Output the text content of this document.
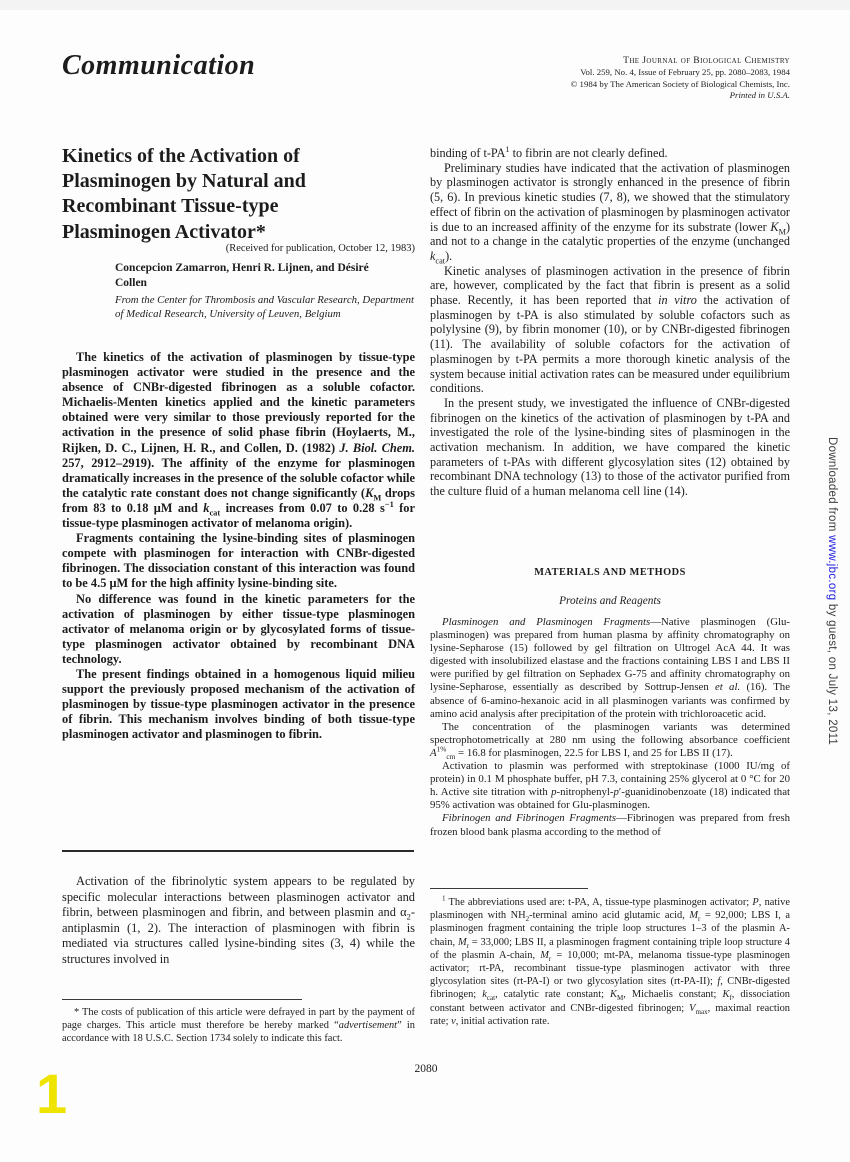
Communication	The Journal of Biological Chemistry
Vol. 259, No. 4, Issue of February 25, pp. 2080–2083, 1984
© 1984 by The American Society of Biological Chemists, Inc.
Printed in U.S.A.
Kinetics of the Activation of
Plasminogen by Natural and
Recombinant Tissue-type
Plasminogen Activator*
(Received for publication, October 12, 1983)
Concepcion Zamarron, Henri R. Lijnen, and Désiré Collen
From the Center for Thrombosis and Vascular Research, Department of Medical Research, University of Leuven, Belgium

The kinetics of the activation of plasminogen by tissue-type plasminogen activator were studied in the presence and the absence of CNBr-digested fibrinogen as a soluble cofactor. Michaelis-Menten kinetics applied and the kinetic parameters obtained were very similar to those previously reported for the activation in the presence of solid phase fibrin (Hoylaerts, M., Rijken, D. C., Lijnen, H. R., and Collen, D. (1982) J. Biol. Chem. 257, 2912–2919). The affinity of the enzyme for plasminogen dramatically increases in the presence of the soluble cofactor while the catalytic rate constant does not change significantly ($K_M$ drops from 83 to 0.18 μM and $k_{cat}$ increases from 0.07 to 0.28 $s^{-1}$ for tissue-type plasminogen activator of melanoma origin).

Fragments containing the lysine-binding sites of plasminogen compete with plasminogen for interaction with CNBr-digested fibrinogen. The dissociation constant of this interaction was found to be 4.5 μM for the high affinity lysine-binding site.

No difference was found in the kinetic parameters for the activation of plasminogen by either tissue-type plasminogen activator of melanoma origin or by glycosylated forms of tissue-type plasminogen activator obtained by recombinant DNA technology.

The present findings obtained in a homogenous liquid milieu support the previously proposed mechanism of the activation of plasminogen by tissue-type plasminogen activator in the presence of fibrin. This mechanism involves binding of both tissue-type plasminogen activator and plasminogen to fibrin.

Activation of the fibrinolytic system appears to be regulated by specific molecular interactions between plasminogen activator and fibrin, between plasminogen and fibrin, and between plasmin and $\alpha_2$-antiplasmin (1, 2). The interaction of plasminogen with fibrin is mediated via structures called lysine-binding sites (3, 4) while the structures involved in

* The costs of publication of this article were defrayed in part by the payment of page charges. This article must therefore be hereby marked “advertisement” in accordance with 18 U.S.C. Section 1734 solely to indicate this fact.

binding of $t-PA^1$ to fibrin are not clearly defined.

Preliminary studies have indicated that the activation of plasminogen by plasminogen activator is strongly enhanced in the presence of fibrin (5, 6). In previous kinetic studies (7, 8), we showed that the stimulatory effect of fibrin on the activation of plasminogen by plasminogen activator is due to an increased affinity of the enzyme for its substrate (lower $K_M$) and not to a change in the catalytic properties of the enzyme (unchanged $k_{cat}$).

Kinetic analyses of plasminogen activation in the presence of fibrin are, however, complicated by the fact that fibrin is present as a solid phase. Recently, it has been reported that in vitro the activation of plasminogen by t-PA is also stimulated by soluble cofactors such as polylysine (9), by fibrin monomer (10), or by CNBr-digested fibrinogen (11). The availability of soluble cofactors for the activation of plasminogen by t-PA permits a more thorough kinetic analysis of the system because initial activation rates can be measured under equilibrium conditions.

In the present study, we investigated the influence of CNBr-digested fibrinogen on the kinetics of the activation of plasminogen by t-PA and investigated the role of the lysine-binding sites of plasminogen in the activation mechanism. In addition, we have compared the kinetic parameters of t-PAs with different glycosylation sites (12) obtained by recombinant DNA technology (13) to those of the activator purified from the culture fluid of a human melanoma cell line (14).

MATERIALS AND METHODS
Proteins and Reagents

Plasminogen and Plasminogen Fragments—Native plasminogen (Glu-plasminogen) was prepared from human plasma by affinity chromatography on lysine-Sepharose (15) followed by gel filtration on Ultrogel AcA 44. It was digested with insolubilized elastase and the fractions containing LBS I and LBS II were purified by gel filtration on Sephadex G-75 and affinity chromatography on lysine-Sepharose, essentially as described by Sottrup-Jensen et al. (16). The absence of 6-amino-hexanoic acid in all plasminogen variants was confirmed by amino acid analysis after precipitation of the protein with trichloroacetic acid.

The concentration of the plasminogen variants was determined spectrophotometrically at 280 nm using the following absorbance coefficient $A^{1\%}_{cm} = 16.8$ for plasminogen, 22.5 for LBS I, and 25 for LBS II (17).

Activation to plasmin was performed with streptokinase (1000 IU/mg of protein) in 0.1 M phosphate buffer, pH 7.3, containing 25% glycerol at 0 °C for 20 h. Active site titration with p-nitrophenyl-p′-guanidinobenzoate (18) indicated that 95% activation was obtained for Glu-plasminogen.

Fibrinogen and Fibrinogen Fragments—Fibrinogen was prepared from fresh frozen blood bank plasma according to the method of

$^1$ The abbreviations used are: t-PA, A, tissue-type plasminogen activator; P, native plasminogen with $NH_2$-terminal amino acid glutamic acid, $M_r = 92,000$; LBS I, a plasminogen fragment containing the triple loop structures 1–3 of the plasmin A-chain, $M_r = 33,000$; LBS II, a plasminogen fragment containing triple loop structure 4 of the plasmin A-chain, $M_r = 10,000$; mt-PA, melanoma tissue-type plasminogen activator; rt-PA, recombinant tissue-type plasminogen activator with three glycosylation sites (rt-PA-I) or two glycosylation sites (rt-PA-II); f, CNBr-digested fibrinogen; $k_{cat}$, catalytic rate constant; $K_M$, Michaelis constant; $K_f$, dissociation constant between activator and CNBr-digested fibrinogen; $V_{max}$, maximal reaction rate; v, initial activation rate.

Downloaded from www.jbc.org by guest, on July 13, 2011
2080
1
